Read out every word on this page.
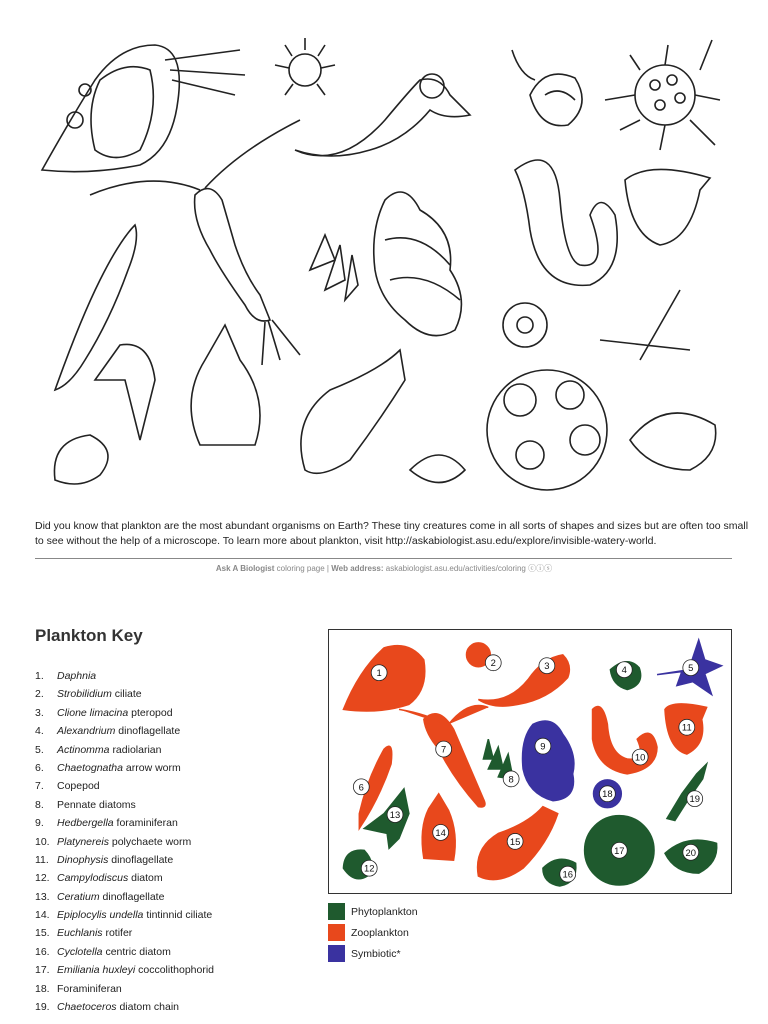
Did you know that plankton are the most abundant organisms on Earth? These tiny creatures come in all sorts of shapes and sizes but are often too small to see without the help of a microscope. To learn more about plankton, visit http://askabiologist.asu.edu/explore/invisible-watery-world.
Ask A Biologist coloring page | Web address: askabiologist.asu.edu/activities/coloring ⓒⓘⓢ
Plankton Key
1. Daphnia
2. Strobilidium ciliate
3. Clione limacina pteropod
4. Alexandrium dinoflagellate
5. Actinomma radiolarian
6. Chaetognatha arrow worm
7. Copepod
8. Pennate diatoms
9. Hedbergella foraminiferan
10. Platynereis polychaete worm
11. Dinophysis dinoflagellate
12. Campylodiscus diatom
13. Ceratium dinoflagellate
14. Epiplocylis undella tintinnid ciliate
15. Euchlanis rotifer
16. Cyclotella centric diatom
17. Emiliania huxleyi coccolithophorid
18. Foraminiferan
19. Chaetoceros diatom chain
1
2	3	4	5
6
7
8
9
10
11
12
13
14
15
16
17
18	19
20
Phytoplankton
Zooplankton
Symbiotic*
